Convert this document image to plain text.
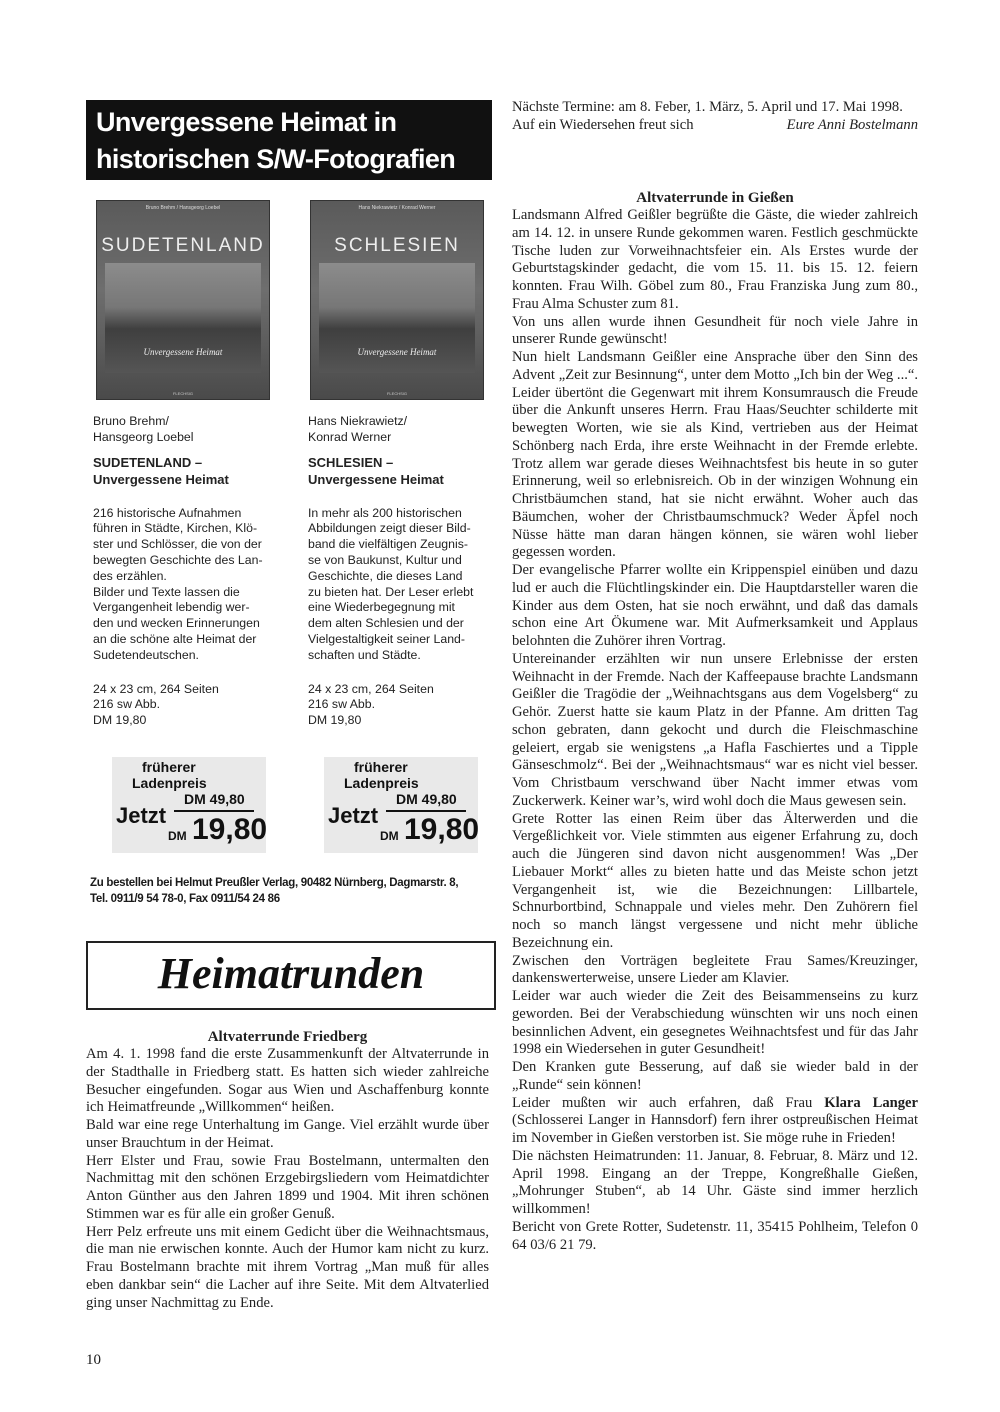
Unvergessene Heimat in
historischen S/W-Fotografien
Bruno Brehm / Hansgeorg Loebel
SUDETENLAND
Unvergessene Heimat
FLECHSIG
Hans Niekrawietz / Konrad Werner
SCHLESIEN
Unvergessene Heimat
FLECHSIG

Bruno Brehm/

Hansgeorg Loebel

SUDETENLAND –

Unvergessene Heimat

216 historische Aufnahmen
führen in Städte, Kirchen, Klö-
ster und Schlösser, die von der
bewegten Geschichte des Lan-
des erzählen.
Bilder und Texte lassen die
Vergangenheit lebendig wer-
den und wecken Erinnerungen
an die schöne alte Heimat der
Sudetendeutschen.

24 x 23 cm, 264 Seiten

216 sw Abb.

DM 19,80

Hans Niekrawietz/

Konrad Werner

SCHLESIEN –

Unvergessene Heimat

In mehr als 200 historischen
Abbildungen zeigt dieser Bild-
band die vielfältigen Zeugnis-
se von Baukunst, Kultur und
Geschichte, die dieses Land
zu bieten hat. Der Leser erlebt
eine Wiederbegegnung mit
dem alten Schlesien und der
Vielgestaltigkeit seiner Land-
schaften und Städte.

24 x 23 cm, 264 Seiten

216 sw Abb.

DM 19,80

früherer
Ladenpreis
DM 49,80
Jetzt
DM 19,80
früherer
Ladenpreis
DM 49,80
Jetzt
DM 19,80
Zu bestellen bei Helmut Preußler Verlag, 90482 Nürnberg, Dagmarstr. 8,
Tel. 0911/9 54 78-0, Fax 0911/54 24 86
Heimatrunden
Altvaterrunde Friedberg

Am 4. 1. 1998 fand die erste Zusammenkunft der Altvaterrunde in der Stadthalle in Friedberg statt. Es hatten sich wieder zahlreiche Besucher eingefunden. Sogar aus Wien und Aschaffenburg konnte ich Heimatfreunde „Willkommen“ heißen.

Bald war eine rege Unterhaltung im Gange. Viel erzählt wurde über unser Brauchtum in der Heimat.

Herr Elster und Frau, sowie Frau Bostelmann, untermalten den Nachmittag mit den schönen Erzgebirgsliedern vom Heimatdichter Anton Günther aus den Jahren 1899 und 1904. Mit ihren schönen Stimmen war es für alle ein großer Genuß.

Herr Pelz erfreute uns mit einem Gedicht über die Weihnachtsmaus, die man nie erwischen konnte. Auch der Humor kam nicht zu kurz. Frau Bostelmann brachte mit ihrem Vortrag „Man muß für alles eben dankbar sein“ die Lacher auf ihre Seite. Mit dem Altvaterlied ging unser Nachmittag zu Ende.

Nächste Termine: am 8. Feber, 1. März, 5. April und 17. Mai 1998.

Auf ein Wiedersehen freut sich	Eure Anni Bostelmann
Altvaterrunde in Gießen

Landsmann Alfred Geißler begrüßte die Gäste, die wieder zahlreich am 14. 12. in unsere Runde gekommen waren. Festlich geschmückte Tische luden zur Vorweihnachtsfeier ein. Als Erstes wurde der Geburtstagskinder gedacht, die vom 15. 11. bis 15. 12. feiern konnten. Frau Wilh. Göbel zum 80., Frau Franziska Jung zum 80., Frau Alma Schuster zum 81.

Von uns allen wurde ihnen Gesundheit für noch viele Jahre in unserer Runde gewünscht!

Nun hielt Landsmann Geißler eine Ansprache über den Sinn des Advent „Zeit zur Besinnung“, unter dem Motto „Ich bin der Weg ...“. Leider übertönt die Gegenwart mit ihrem Konsumrausch die Freude über die Ankunft unseres Herrn. Frau Haas/Seuchter schilderte mit bewegten Worten, wie sie als Kind, vertrieben aus der Heimat Schönberg nach Erda, ihre erste Weihnacht in der Fremde erlebte. Trotz allem war gerade dieses Weihnachtsfest bis heute in so guter Erinnerung, weil so erlebnisreich. Ob in der winzigen Wohnung ein Christbäumchen stand, hat sie nicht erwähnt. Woher auch das Bäumchen, woher der Christbaumschmuck? Weder Äpfel noch Nüsse hätte man daran hängen können, sie wären wohl lieber gegessen worden.

Der evangelische Pfarrer wollte ein Krippenspiel einüben und dazu lud er auch die Flüchtlingskinder ein. Die Hauptdarsteller waren die Kinder aus dem Osten, hat sie noch erwähnt, und daß das damals schon eine Art Ökumene war. Mit Aufmerksamkeit und Applaus belohnten die Zuhörer ihren Vortrag.

Untereinander erzählten wir nun unsere Erlebnisse der ersten Weihnacht in der Fremde. Nach der Kaffeepause brachte Landsmann Geißler die Tragödie der „Weihnachtsgans aus dem Vogelsberg“ zu Gehör. Zuerst hatte sie kaum Platz in der Pfanne. Am dritten Tag schon gebraten, dann gekocht und durch die Fleischmaschine geleiert, ergab sie wenigstens „a Hafla Faschiertes und a Tipple Gänseschmolz“. Bei der „Weihnachtsmaus“ war es nicht viel besser. Vom Christbaum verschwand über Nacht immer etwas vom Zuckerwerk. Keiner war’s, wird wohl doch die Maus gewesen sein.

Grete Rotter las einen Reim über das Älterwerden und die Vergeßlichkeit vor. Viele stimmten aus eigener Erfahrung zu, doch auch die Jüngeren sind davon nicht ausgenommen! Was „Der Liebauer Morkt“ alles zu bieten hatte und das Meiste schon jetzt Vergangenheit ist, wie die Bezeichnungen: Lillbartele, Schnurbortbind, Schnappale und vieles mehr. Den Zuhörern fiel noch so manch längst vergessene und nicht mehr übliche Bezeichnung ein.

Zwischen den Vorträgen begleitete Frau Sames/Kreuzinger, dankenswerterweise, unsere Lieder am Klavier.

Leider war auch wieder die Zeit des Beisammenseins zu kurz geworden. Bei der Verabschiedung wünschten wir uns noch einen besinnlichen Advent, ein gesegnetes Weihnachtsfest und für das Jahr 1998 ein Wiedersehen in guter Gesundheit!

Den Kranken gute Besserung, auf daß sie wieder bald in der „Runde“ sein können!

Leider mußten wir auch erfahren, daß Frau Klara Langer (Schlosserei Langer in Hannsdorf) fern ihrer ostpreußischen Heimat im November in Gießen verstorben ist. Sie möge ruhe in Frieden!

Die nächsten Heimatrunden: 11. Januar, 8. Februar, 8. März und 12. April 1998. Eingang an der Treppe, Kongreßhalle Gießen, „Mohrunger Stuben“, ab 14 Uhr. Gäste sind immer herzlich willkommen!

Bericht von Grete Rotter, Sudetenstr. 11, 35415 Pohlheim, Telefon 0 64 03/6 21 79.

10
